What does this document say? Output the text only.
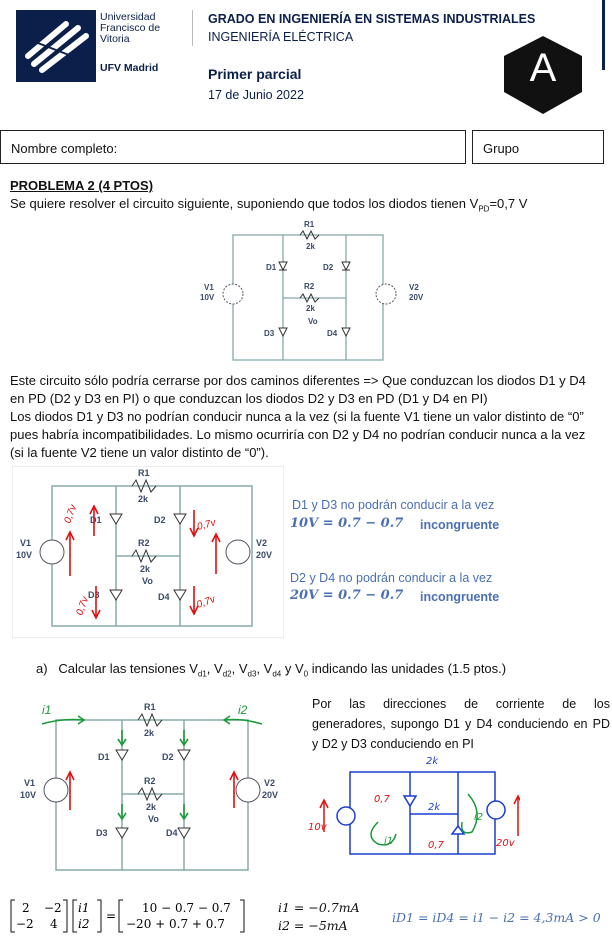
Universidad
Francisco de
Vitoria
UFV Madrid
GRADO EN INGENIERÍA EN SISTEMAS INDUSTRIALES
INGENIERÍA ELÉCTRICA
Primer parcial
17 de Junio 2022
A
Nombre completo:	Grupo
PROBLEMA 2 (4 PTOS)
Se quiere resolver el circuito siguiente, suponiendo que todos los diodos tienen $V_{PD}=0,7$ V
R1
2k
R2
2k
Vo
D1	D2
D3	D4
V1
10V
V2
20V
Este circuito sólo podría cerrarse por dos caminos diferentes => Que conduzcan los diodos D1 y D4
en PD (D2 y D3 en PI) o que conduzcan los diodos D2 y D3 en PD (D1 y D4 en PI)
Los diodos D1 y D3 no podrían conducir nunca a la vez (si la fuente V1 tiene un valor distinto de “0”
pues habría incompatibilidades. Lo mismo ocurriría con D2 y D4 no podrían conducir nunca a la vez
(si la fuente V2 tiene un valor distinto de “0”).
R1
2k
R2
2k
Vo
D1	D2
D3	D4
V1
10V
V2
20V
0,7v
0,7v
0,7v	0,7v
D1 y D3 no podrán conducir a la vez
10V = 0.7 − 0.7 incongruente
D2 y D4 no podrán conducir a la vez
20V = 0.7 − 0.7 incongruente
a) Calcular las tensiones $V_{d1}$, $V_{d2}$, $V_{d3}$, $V_{d4}$ y $V_0$ indicando las unidades (1.5 ptos.)
R1
2k
R2
2k
Vo
D1	D2
D3	D4
V1
10V
V2
20V
i1	i2	Por las direcciones de corriente de los
generadores, supongo D1 y D4 conduciendo en PD
y D2 y D3 conduciendo en PI
10v
20v
0,7
0,7
2k
2k
i1
i2
2 −2
−2 4
i1
i2
=
10 − 0.7 − 0.7
−20 + 0.7 + 0.7
i1 = −0.7mA
i2 = −5mA
iD1 = iD4 = i1 − i2 = 4,3mA > 0
